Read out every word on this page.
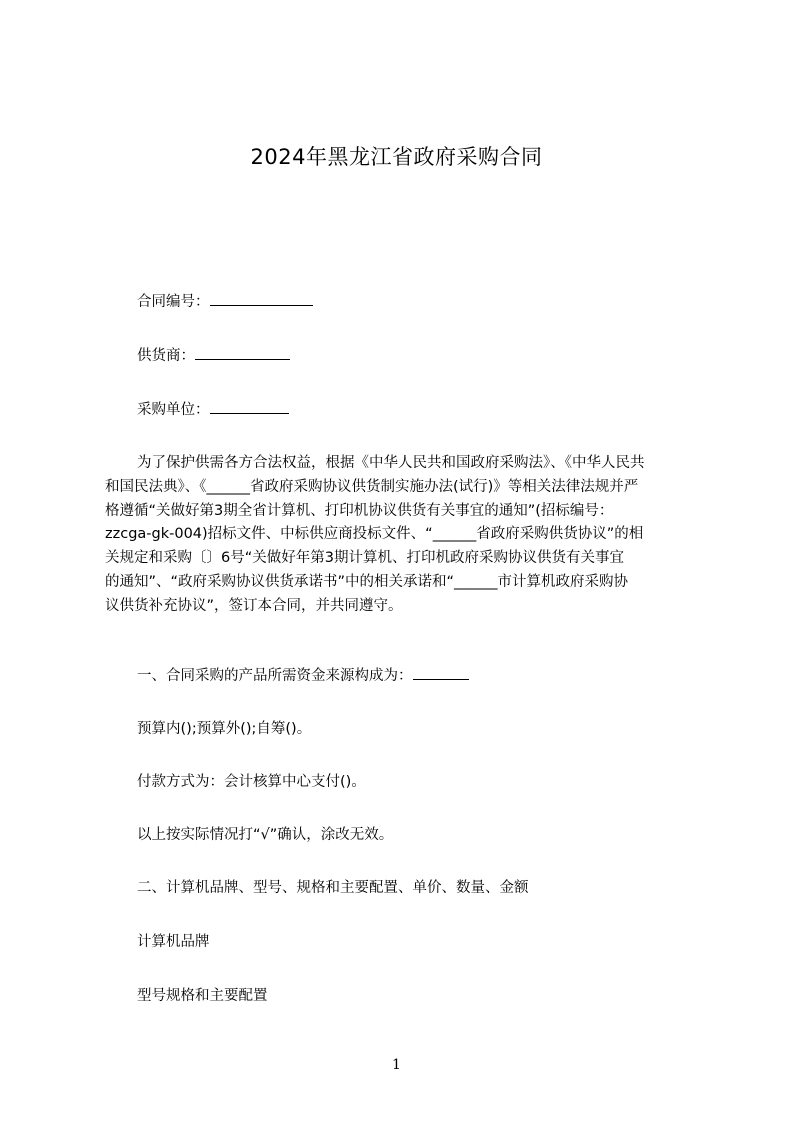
2024年黑龙江省政府采购合同
合同编号：
供货商：
采购单位：
为了保护供需各方合法权益，根据《中华人民共和国政府采购法》、《中华人民共
和国民法典》、《______省政府采购协议供货制实施办法(试行)》等相关法律法规并严
格遵循“关做好第3期全省计算机、打印机协议供货有关事宜的通知”(招标编号：
zzcga-gk-004)招标文件、中标供应商投标文件、“______省政府采购供货协议”的相
关规定和采购〔〕6号“关做好年第3期计算机、打印机政府采购协议供货有关事宜
的通知”、“政府采购协议供货承诺书”中的相关承诺和“______市计算机政府采购协
议供货补充协议”，签订本合同，并共同遵守。
一、合同采购的产品所需资金来源构成为：
预算内();预算外();自筹()。
付款方式为：会计核算中心支付()。
以上按实际情况打“√”确认，涂改无效。
二、计算机品牌、型号、规格和主要配置、单价、数量、金额
计算机品牌
型号规格和主要配置
1
